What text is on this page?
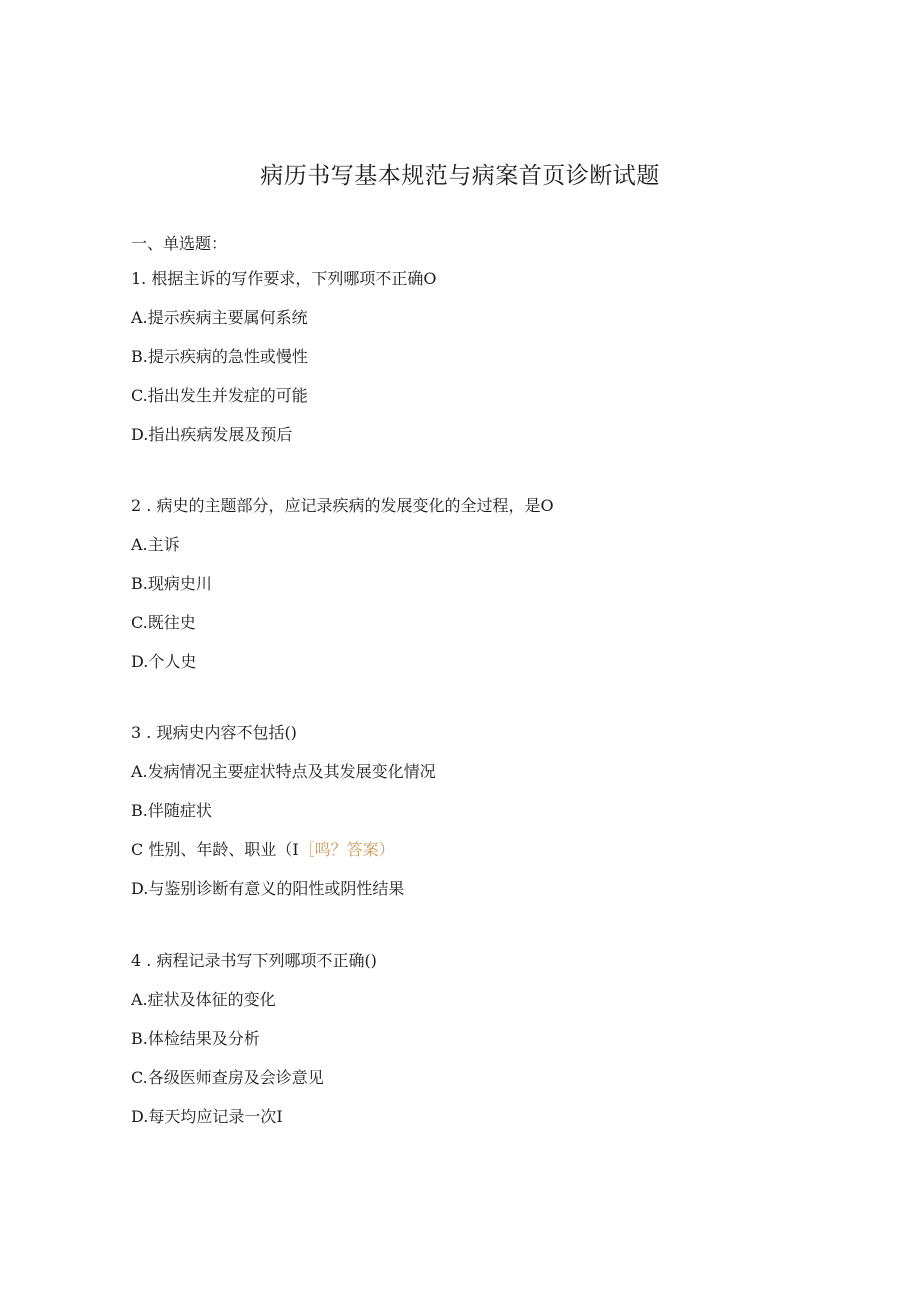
病历书写基本规范与病案首页诊断试题
一、单选题：
1. 根据主诉的写作要求，下列哪项不正确O
A.提示疾病主要属何系统
B.提示疾病的急性或慢性
C.指出发生并发症的可能
D.指出疾病发展及预后
2 . 病史的主题部分，应记录疾病的发展变化的全过程，是O
A.主诉
B.现病史川
C.既往史
D.个人史
3 . 现病史内容不包括()
A.发病情况主要症状特点及其发展变化情况
B.伴随症状
C 性别、年龄、职业（I［鸣？答案）
D.与鉴别诊断有意义的阳性或阴性结果
4 . 病程记录书写下列哪项不正确()
A.症状及体征的变化
B.体检结果及分析
C.各级医师查房及会诊意见
D.每天均应记录一次I
